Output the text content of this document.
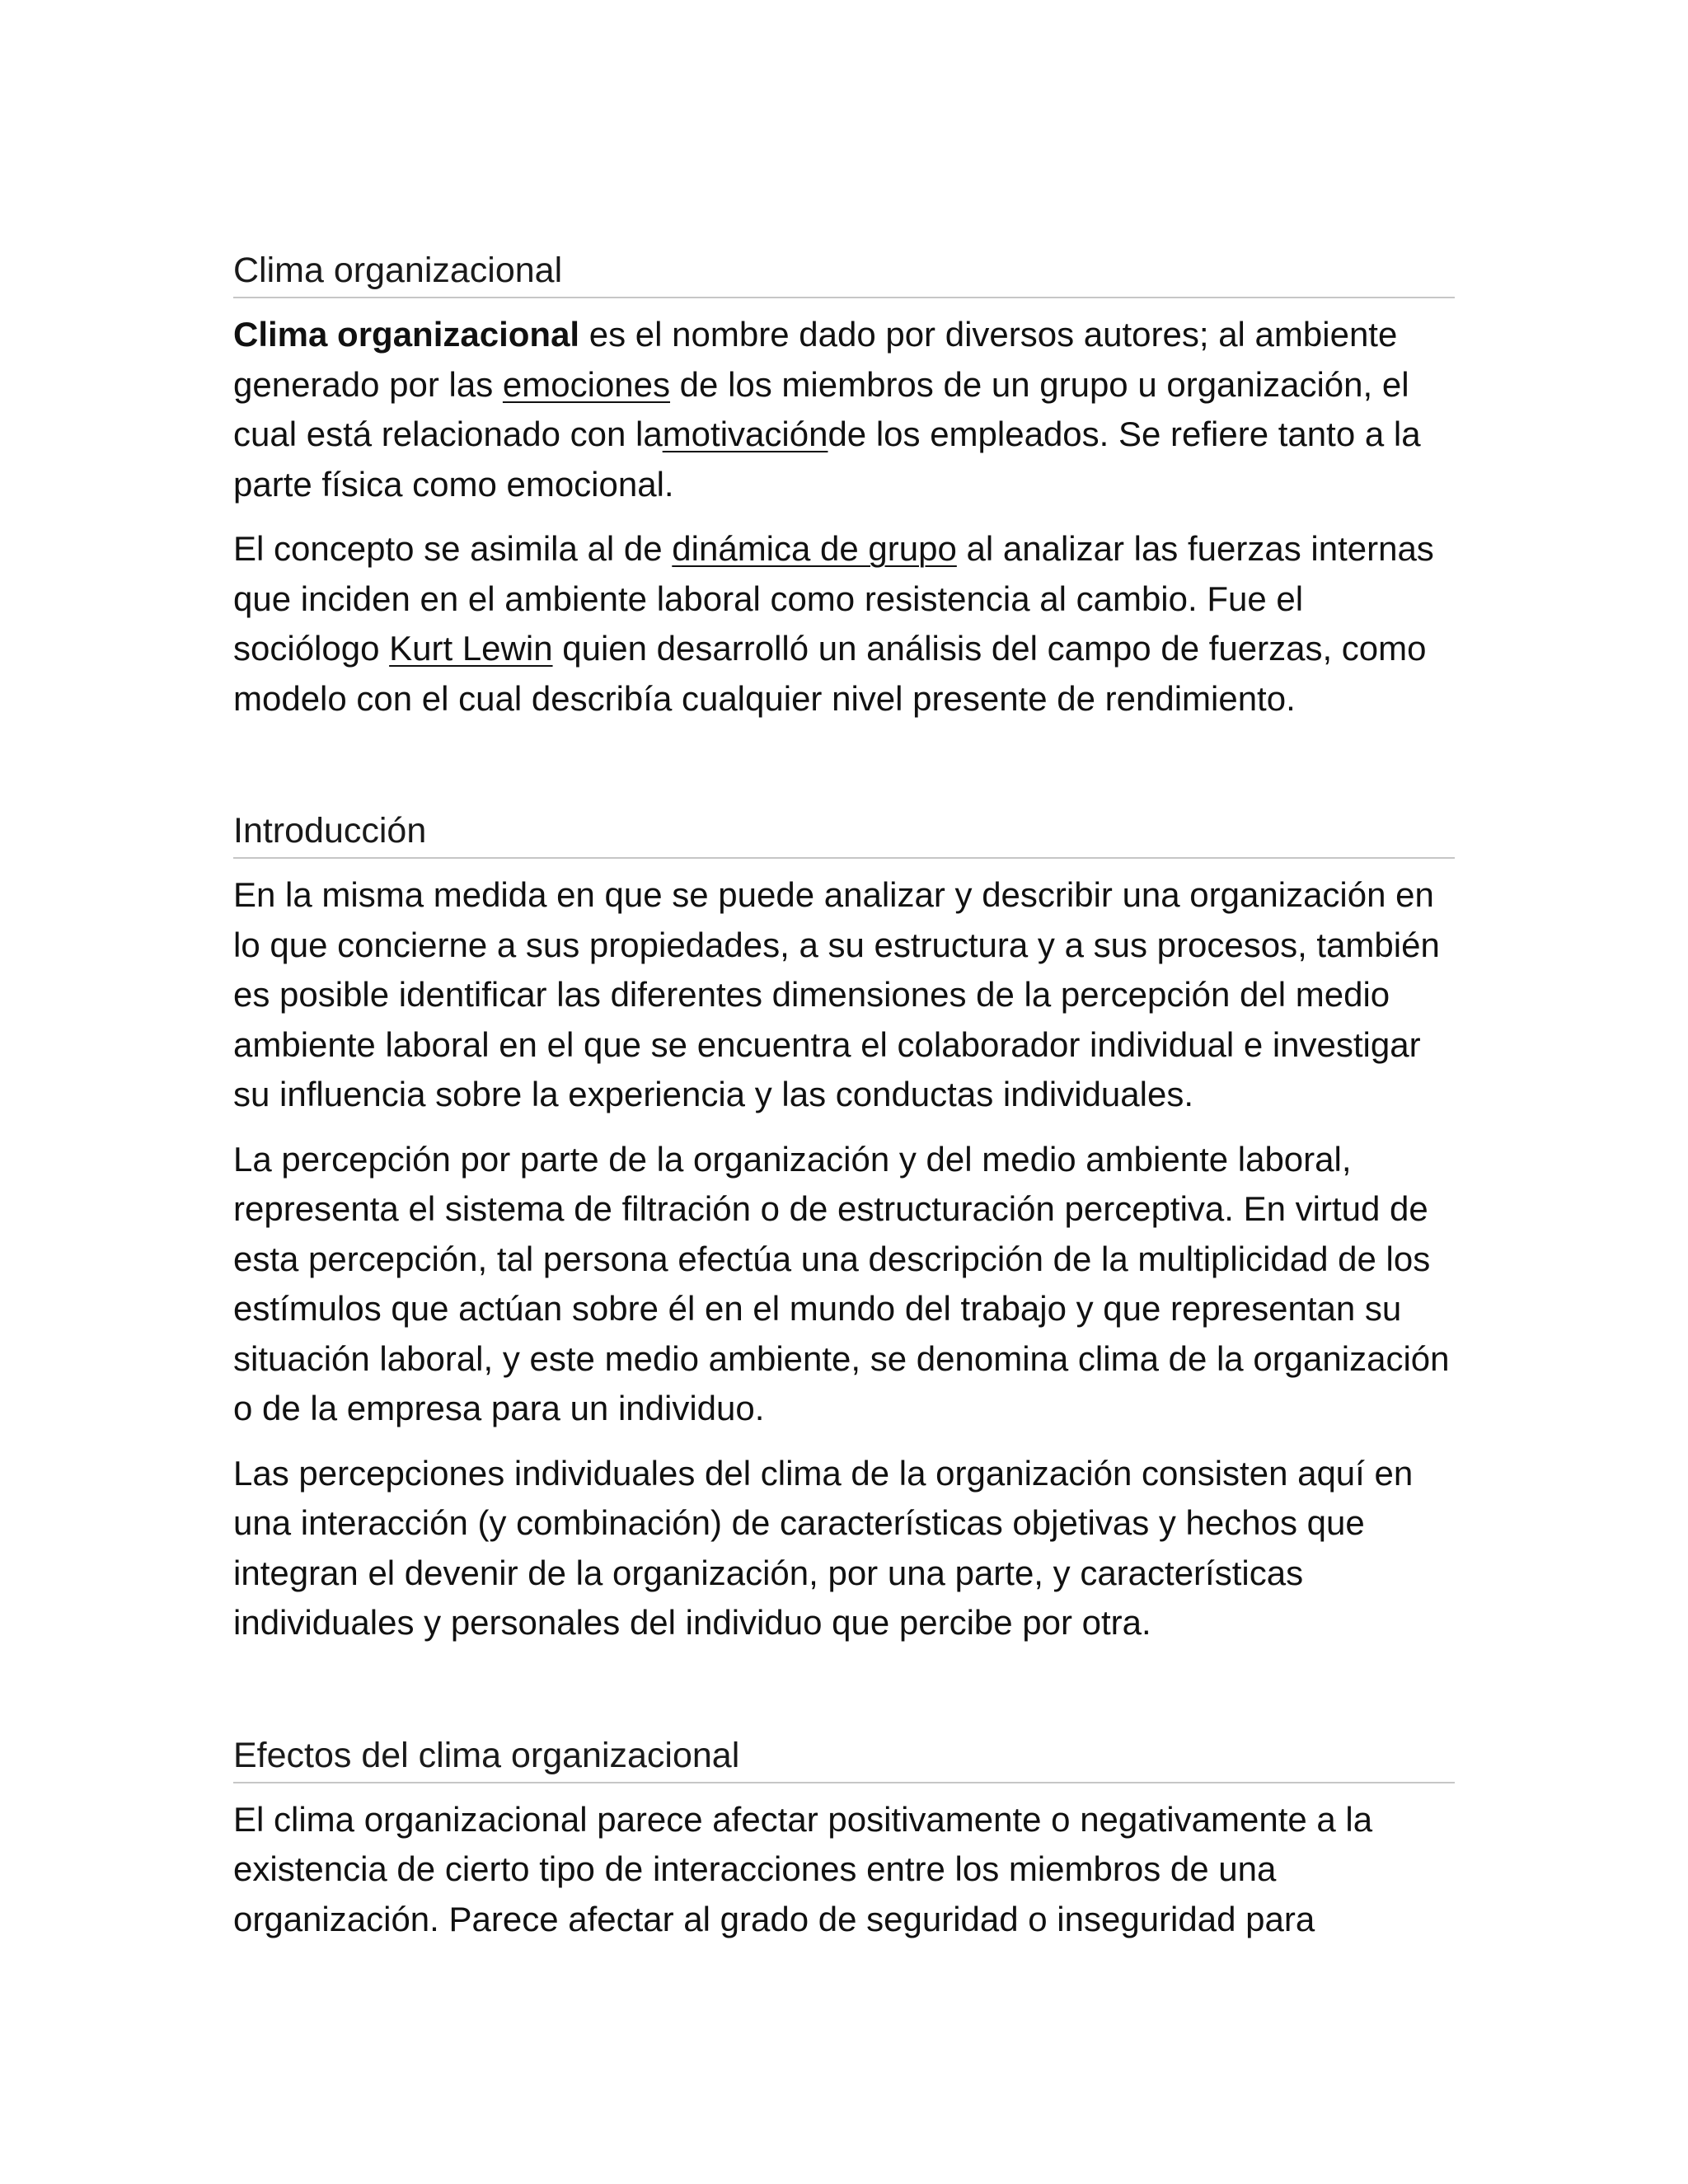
Clima organizacional

Clima organizacional es el nombre dado por diversos autores; al ambiente generado por las emociones de los miembros de un grupo u organización, el cual está relacionado con lamotivaciónde los empleados. Se refiere tanto a la parte física como emocional.

El concepto se asimila al de dinámica de grupo al analizar las fuerzas internas que inciden en el ambiente laboral como resistencia al cambio. Fue el sociólogo Kurt Lewin quien desarrolló un análisis del campo de fuerzas, como modelo con el cual describía cualquier nivel presente de rendimiento.

Introducción

En la misma medida en que se puede analizar y describir una organización en lo que concierne a sus propiedades, a su estructura y a sus procesos, también es posible identificar las diferentes dimensiones de la percepción del medio ambiente laboral en el que se encuentra el colaborador individual e investigar su influencia sobre la experiencia y las conductas individuales.

La percepción por parte de la organización y del medio ambiente laboral, representa el sistema de filtración o de estructuración perceptiva. En virtud de esta percepción, tal persona efectúa una descripción de la multiplicidad de los estímulos que actúan sobre él en el mundo del trabajo y que representan su situación laboral, y este medio ambiente, se denomina clima de la organización o de la empresa para un individuo.

Las percepciones individuales del clima de la organización consisten aquí en una interacción (y combinación) de características objetivas y hechos que integran el devenir de la organización, por una parte, y características individuales y personales del individuo que percibe por otra.

Efectos del clima organizacional

El clima organizacional parece afectar positivamente o negativamente a la existencia de cierto tipo de interacciones entre los miembros de una organización. Parece afectar al grado de seguridad o inseguridad para
